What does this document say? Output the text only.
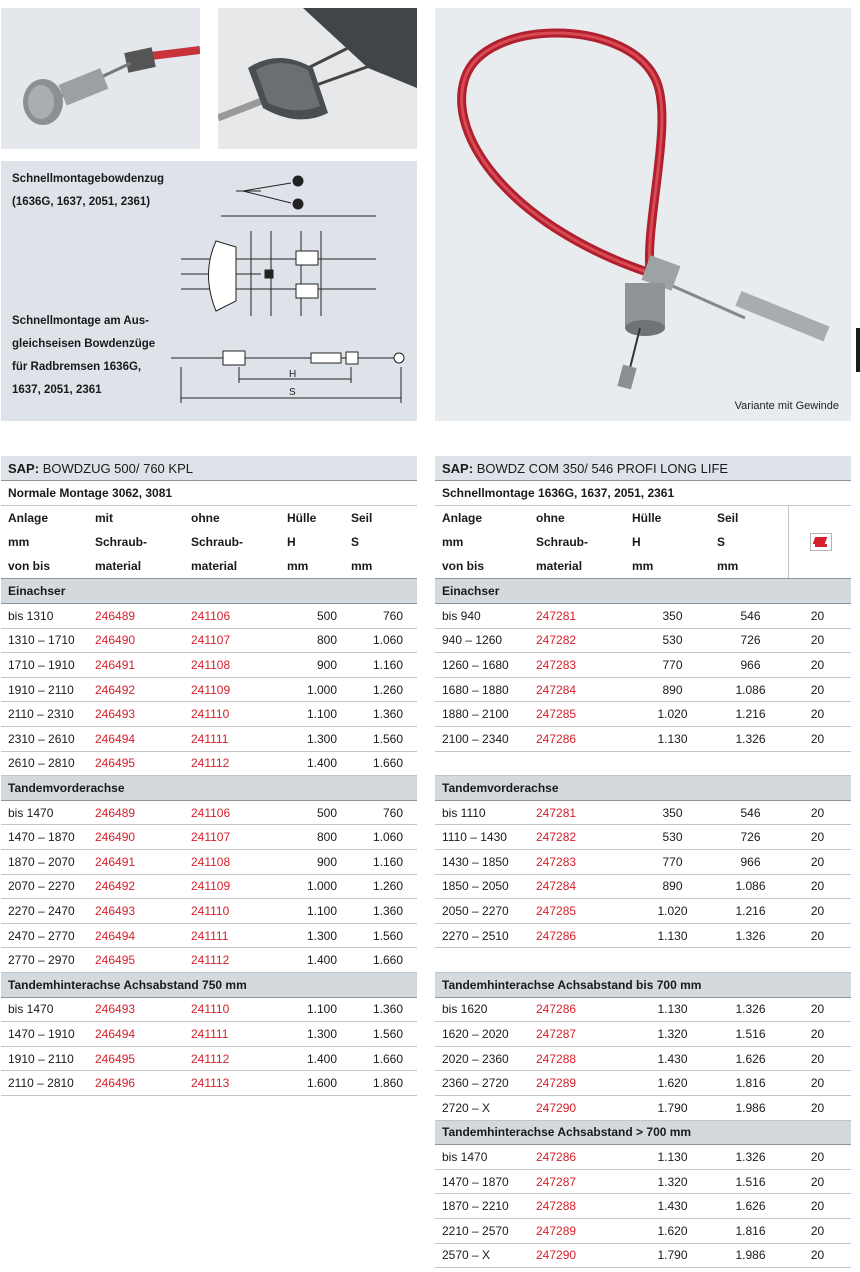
Schnellmontagebowdenzug
(1636G, 1637, 2051, 2361)
Schnellmontage am Aus-
gleichseisen Bowdenzüge
für Radbremsen 1636G,
1637, 2051, 2361
H
S
Variante mit Gewinde
SAP: BOWDZUG 500/ 760 KPL				
Normale Montage 3062, 3081				
Anlage	mit	ohne	Hülle	Seil
mm	Schraub-	Schraub-	H	S
von bis	material	material	mm	mm
Einachser				
bis 1310	246489	241106	500	760
1310 – 1710	246490	241107	800	1.060
1710 – 1910	246491	241108	900	1.160
1910 – 2110	246492	241109	1.000	1.260
2110 – 2310	246493	241110	1.100	1.360
2310 – 2610	246494	241111	1.300	1.560
2610 – 2810	246495	241112	1.400	1.660
Tandemvorderachse				
bis 1470	246489	241106	500	760
1470 – 1870	246490	241107	800	1.060
1870 – 2070	246491	241108	900	1.160
2070 – 2270	246492	241109	1.000	1.260
2270 – 2470	246493	241110	1.100	1.360
2470 – 2770	246494	241111	1.300	1.560
2770 – 2970	246495	241112	1.400	1.660
Tandemhinterachse Achsabstand 750 mm				
bis 1470	246493	241110	1.100	1.360
1470 – 1910	246494	241111	1.300	1.560
1910 – 2110	246495	241112	1.400	1.660
2110 – 2810	246496	241113	1.600	1.860
SAP: BOWDZ COM 350/ 546 PROFI LONG LIFE				
Schnellmontage 1636G, 1637, 2051, 2361				
Anlage	ohne	Hülle	Seil	
mm	Schraub-	H	S	
von bis	material	mm	mm	
Einachser				
bis 940	247281	350	546	20
940 – 1260	247282	530	726	20
1260 – 1680	247283	770	966	20
1680 – 1880	247284	890	1.086	20
1880 – 2100	247285	1.020	1.216	20
2100 – 2340	247286	1.130	1.326	20

Tandemvorderachse				
bis 1110	247281	350	546	20
1110 – 1430	247282	530	726	20
1430 – 1850	247283	770	966	20
1850 – 2050	247284	890	1.086	20
2050 – 2270	247285	1.020	1.216	20
2270 – 2510	247286	1.130	1.326	20

Tandemhinterachse Achsabstand bis 700 mm				
bis 1620	247286	1.130	1.326	20
1620 – 2020	247287	1.320	1.516	20
2020 – 2360	247288	1.430	1.626	20
2360 – 2720	247289	1.620	1.816	20
2720 – X	247290	1.790	1.986	20
Tandemhinterachse Achsabstand > 700 mm				
bis 1470	247286	1.130	1.326	20
1470 – 1870	247287	1.320	1.516	20
1870 – 2210	247288	1.430	1.626	20
2210 – 2570	247289	1.620	1.816	20
2570 – X	247290	1.790	1.986	20
